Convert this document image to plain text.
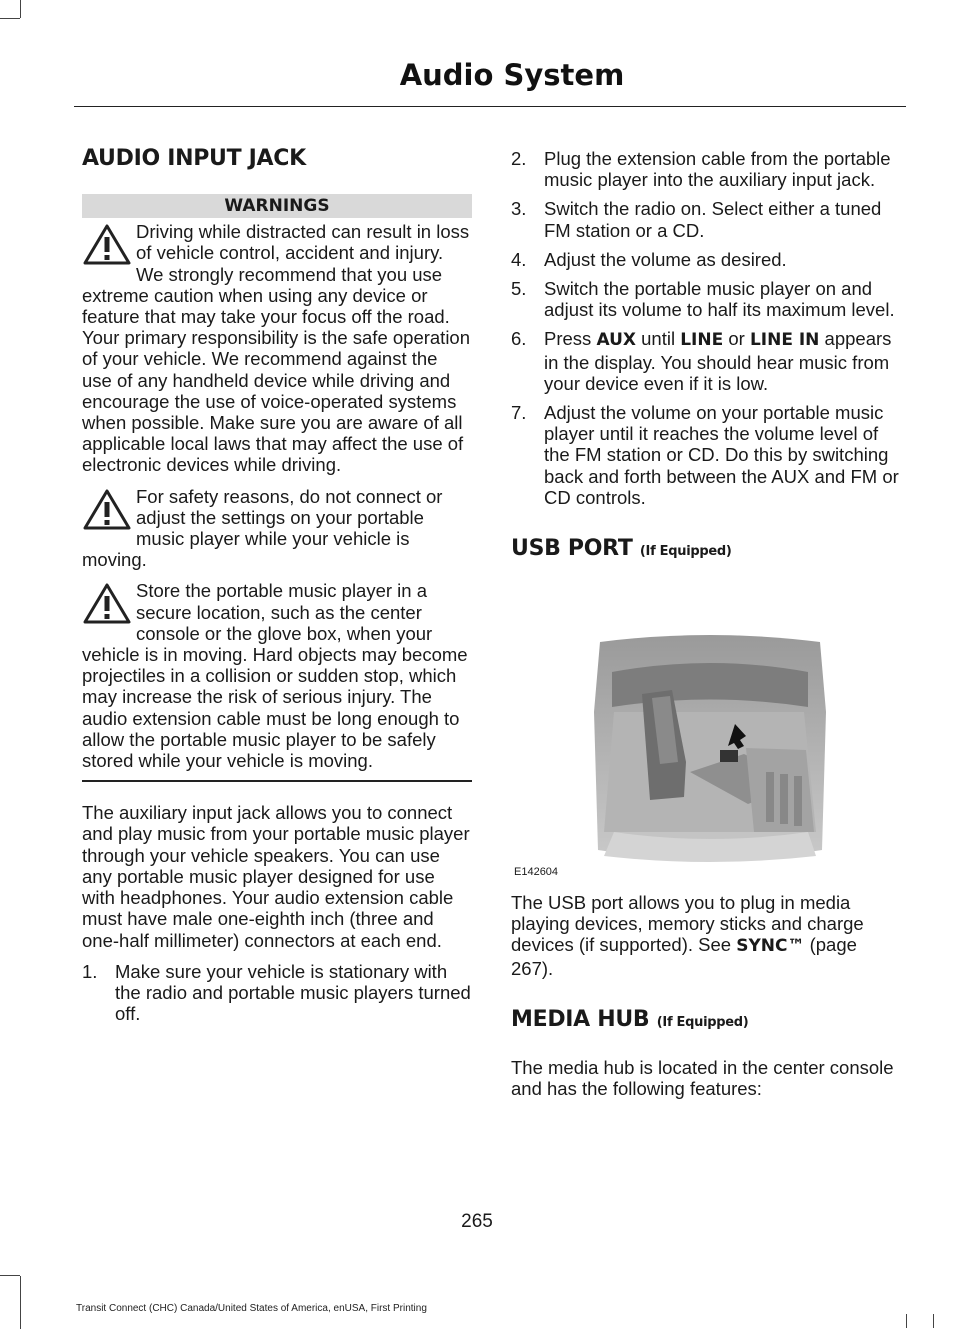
Audio System
AUDIO INPUT JACK
WARNINGS

Driving while distracted can result in loss of vehicle control, accident and injury. We strongly recommend that you use extreme caution when using any device or feature that may take your focus off the road. Your primary responsibility is the safe operation of your vehicle. We recommend against the use of any handheld device while driving and encourage the use of voice-operated systems when possible. Make sure you are aware of all applicable local laws that may affect the use of electronic devices while driving.

For safety reasons, do not connect or adjust the settings on your portable music player while your vehicle is moving.

Store the portable music player in a secure location, such as the center console or the glove box, when your vehicle is in moving. Hard objects may become projectiles in a collision or sudden stop, which may increase the risk of serious injury. The audio extension cable must be long enough to allow the portable music player to be safely stored while your vehicle is moving.

The auxiliary input jack allows you to connect and play music from your portable music player through your vehicle speakers. You can use any portable music player designed for use with headphones. Your audio extension cable must have male one-eighth inch (three and one-half millimeter) connectors at each end.

1. Make sure your vehicle is stationary with the radio and portable music players turned off.
2. Plug the extension cable from the portable music player into the auxiliary input jack.
3. Switch the radio on. Select either a tuned FM station or a CD.
4. Adjust the volume as desired.
5. Switch the portable music player on and adjust its volume to half its maximum level.
6. Press AUX until LINE or LINE IN appears in the display. You should hear music from your device even if it is low.
7. Adjust the volume on your portable music player until it reaches the volume level of the FM station or CD. Do this by switching back and forth between the AUX and FM or CD controls.
USB PORT (If Equipped)
E142604

The USB port allows you to plug in media playing devices, memory sticks and charge devices (if supported). See SYNC™ (page 267).

MEDIA HUB (If Equipped)

The media hub is located in the center console and has the following features:

265
Transit Connect (CHC) Canada/United States of America, enUSA, First Printing
